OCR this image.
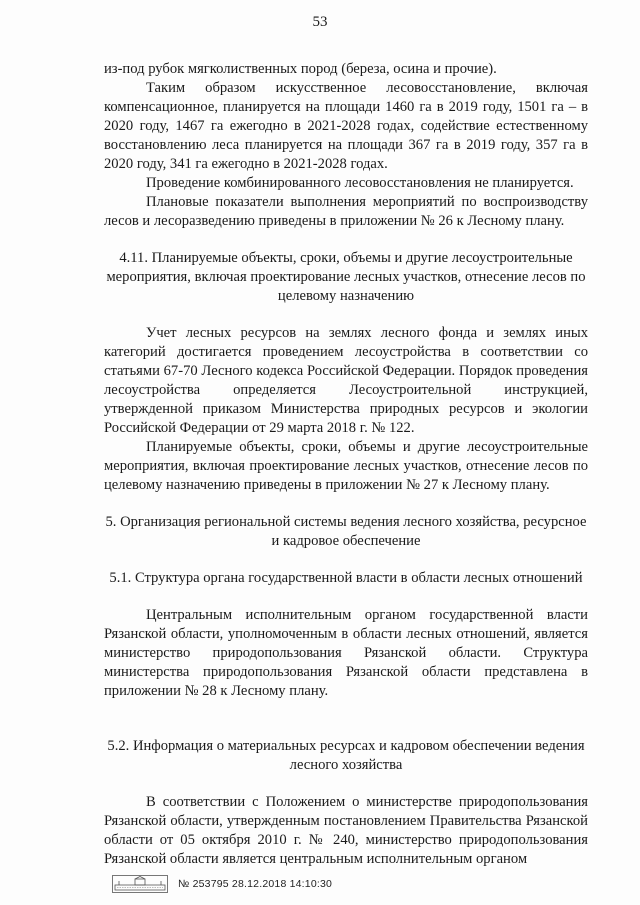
53

из-под рубок мягколиственных пород (береза, осина и прочие).

Таким образом искусственное лесовосстановление, включая компенсационное, планируется на площади 1460 га в 2019 году, 1501 га – в 2020 году, 1467 га ежегодно в 2021-2028 годах, содействие естественному восстановлению леса планируется на площади 367 га в 2019 году, 357 га в 2020 году, 341 га ежегодно в 2021-2028 годах.

Проведение комбинированного лесовосстановления не планируется.

Плановые показатели выполнения мероприятий по воспроизводству лесов и лесоразведению приведены в приложении № 26 к Лесному плану.

4.11. Планируемые объекты, сроки, объемы и другие лесоустроительные мероприятия, включая проектирование лесных участков, отнесение лесов по целевому назначению

Учет лесных ресурсов на землях лесного фонда и землях иных категорий достигается проведением лесоустройства в соответствии со статьями 67-70 Лесного кодекса Российской Федерации. Порядок проведения лесоустройства определяется Лесоустроительной инструкцией, утвержденной приказом Министерства природных ресурсов и экологии Российской Федерации от 29 марта 2018 г. № 122.

Планируемые объекты, сроки, объемы и другие лесоустроительные мероприятия, включая проектирование лесных участков, отнесение лесов по целевому назначению приведены в приложении № 27 к Лесному плану.

5. Организация региональной системы ведения лесного хозяйства, ресурсное и кадровое обеспечение

5.1. Структура органа государственной власти в области лесных отношений

Центральным исполнительным органом государственной власти Рязанской области, уполномоченным в области лесных отношений, является министерство природопользования Рязанской области. Структура министерства природопользования Рязанской области представлена в приложении № 28 к Лесному плану.

5.2. Информация о материальных ресурсах и кадровом обеспечении ведения лесного хозяйства

В соответствии с Положением о министерстве природопользования Рязанской области, утвержденным постановлением Правительства Рязанской области от 05 октября 2010 г. № 240, министерство природопользования Рязанской области является центральным исполнительным органом

№ 253795 28.12.2018 14:10:30
